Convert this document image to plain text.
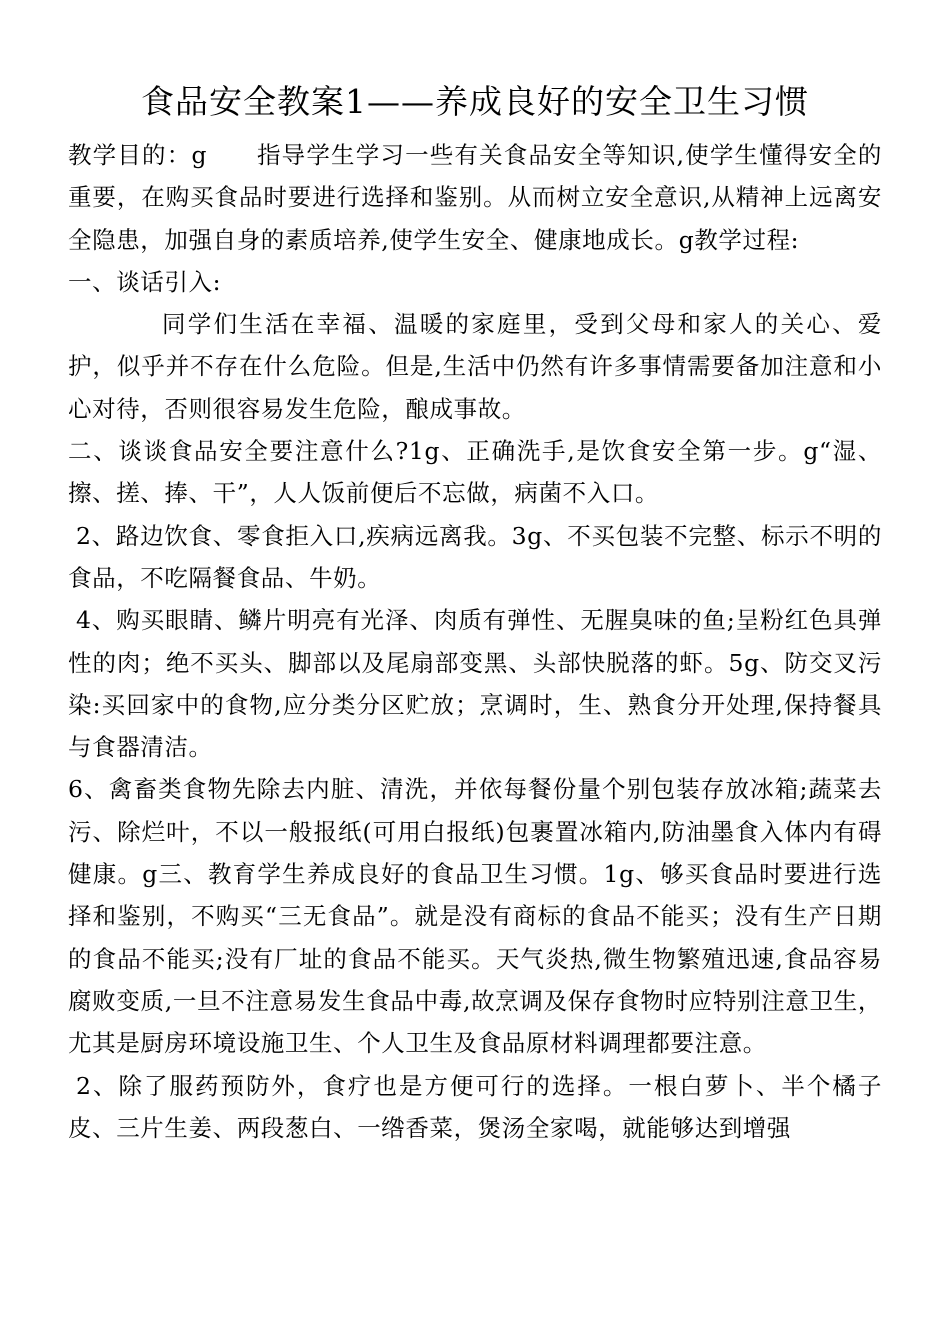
食品安全教案1——养成良好的安全卫生习惯

教学目的：ց　　指导学生学习一些有关食品安全等知识,使学生懂得安全的重要，在购买食品时要进行选择和鉴别。从而树立安全意识,从精神上远离安全隐患，加强自身的素质培养,使学生安全、健康地成长。ց教学过程:

一、谈话引入:

同学们生活在幸福、温暖的家庭里，受到父母和家人的关心、爱护，似乎并不存在什么危险。但是,生活中仍然有许多事情需要备加注意和小心对待，否则很容易发生危险，酿成事故。

二、谈谈食品安全要注意什么?1ց、正确洗手,是饮食安全第一步。ց“湿、擦、搓、捧、干”，人人饭前便后不忘做，病菌不入口。

2、路边饮食、零食拒入口,疾病远离我。3ց、不买包装不完整、标示不明的食品，不吃隔餐食品、牛奶。

4、购买眼睛、鳞片明亮有光泽、肉质有弹性、无腥臭味的鱼;呈粉红色具弹性的肉；绝不买头、脚部以及尾扇部变黑、头部快脱落的虾。5ց、防交叉污染:买回家中的食物,应分类分区贮放；烹调时，生、熟食分开处理,保持餐具与食器清洁。

6、禽畜类食物先除去内脏、清洗，并依每餐份量个别包装存放冰箱;蔬菜去污、除烂叶，不以一般报纸(可用白报纸)包裹置冰箱内,防油墨食入体内有碍健康。ց三、教育学生养成良好的食品卫生习惯。1ց、够买食品时要进行选择和鉴别，不购买“三无食品”。就是没有商标的食品不能买；没有生产日期的食品不能买;没有厂址的食品不能买。天气炎热,微生物繁殖迅速,食品容易腐败变质,一旦不注意易发生食品中毒,故烹调及保存食物时应特别注意卫生，尤其是厨房环境设施卫生、个人卫生及食品原材料调理都要注意。

2、除了服药预防外，食疗也是方便可行的选择。一根白萝卜、半个橘子皮、三片生姜、两段葱白、一绺香菜，煲汤全家喝，就能够达到增强
